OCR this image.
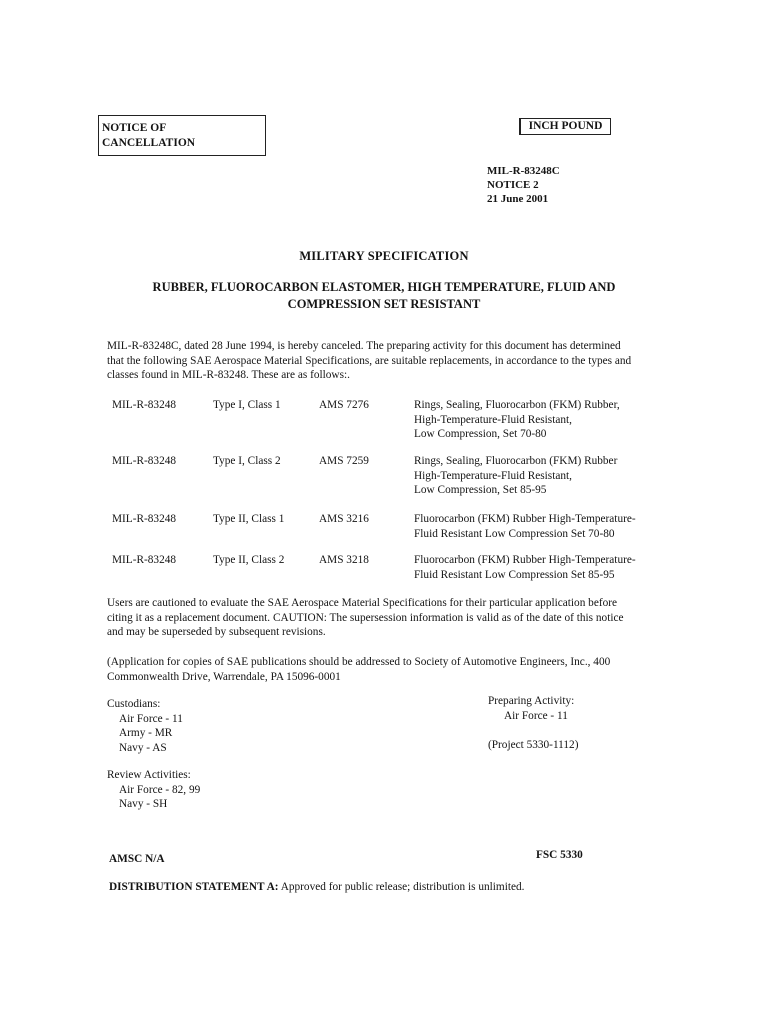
NOTICE OF
CANCELLATION
INCH POUND
MIL-R-83248C
NOTICE 2
21 June 2001
MILITARY SPECIFICATION
RUBBER, FLUOROCARBON ELASTOMER, HIGH TEMPERATURE, FLUID AND
COMPRESSION SET RESISTANT
MIL-R-83248C, dated 28 June 1994, is hereby canceled. The preparing activity for this document has determined
that the following SAE Aerospace Material Specifications, are suitable replacements, in accordance to the types and
classes found in MIL-R-83248. These are as follows:.
MIL-R-83248	Type I, Class 1	AMS 7276	Rings, Sealing, Fluorocarbon (FKM) Rubber,
High-Temperature-Fluid Resistant,
Low Compression, Set 70-80
MIL-R-83248	Type I, Class 2	AMS 7259	Rings, Sealing, Fluorocarbon (FKM) Rubber
High-Temperature-Fluid Resistant,
Low Compression, Set 85-95
MIL-R-83248	Type II, Class 1	AMS 3216	Fluorocarbon (FKM) Rubber High-Temperature-
Fluid Resistant Low Compression Set 70-80
MIL-R-83248	Type II, Class 2	AMS 3218	Fluorocarbon (FKM) Rubber High-Temperature-
Fluid Resistant Low Compression Set 85-95
Users are cautioned to evaluate the SAE Aerospace Material Specifications for their particular application before
citing it as a replacement document. CAUTION: The supersession information is valid as of the date of this notice
and may be superseded by subsequent revisions.
(Application for copies of SAE publications should be addressed to Society of Automotive Engineers, Inc., 400
Commonwealth Drive, Warrendale, PA 15096-0001
Custodians:
Air Force - 11
Army - MR
Navy - AS
Preparing Activity:
Air Force - 11
(Project 5330-1112)
Review Activities:
Air Force - 82, 99
Navy - SH
AMSC N/A	FSC 5330
DISTRIBUTION STATEMENT A: Approved for public release; distribution is unlimited.
